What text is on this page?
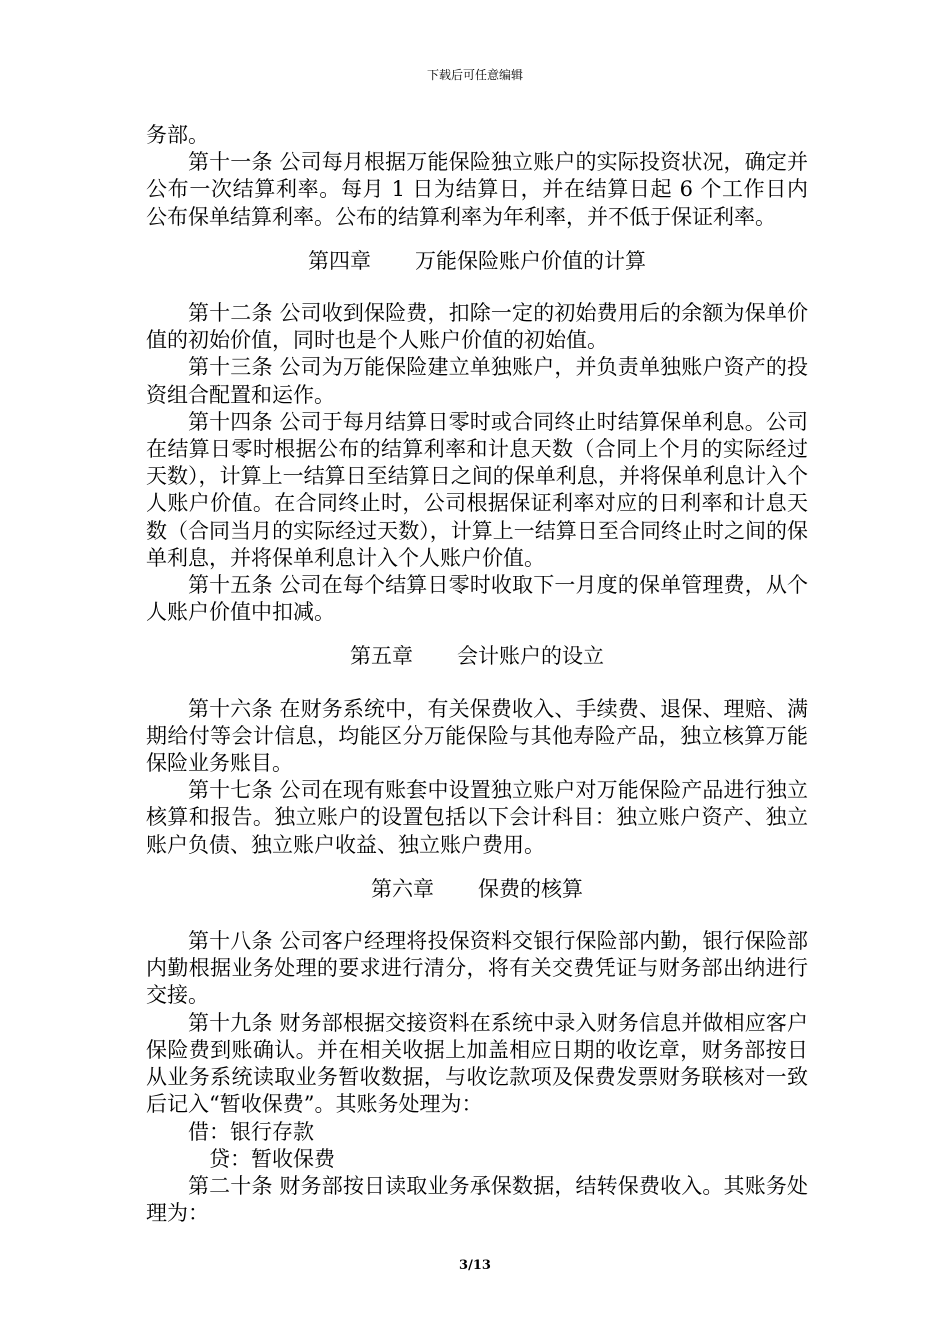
下载后可任意编辑

务部。

第十一条 公司每月根据万能保险独立账户的实际投资状况，确定并公布一次结算利率。每月 1 日为结算日，并在结算日起 6 个工作日内公布保单结算利率。公布的结算利率为年利率，并不低于保证利率。

第四章 万能保险账户价值的计算

第十二条 公司收到保险费，扣除一定的初始费用后的余额为保单价值的初始价值，同时也是个人账户价值的初始值。

第十三条 公司为万能保险建立单独账户，并负责单独账户资产的投资组合配置和运作。

第十四条 公司于每月结算日零时或合同终止时结算保单利息。公司在结算日零时根据公布的结算利率和计息天数（合同上个月的实际经过天数），计算上一结算日至结算日之间的保单利息，并将保单利息计入个人账户价值。在合同终止时，公司根据保证利率对应的日利率和计息天数（合同当月的实际经过天数），计算上一结算日至合同终止时之间的保单利息，并将保单利息计入个人账户价值。

第十五条 公司在每个结算日零时收取下一月度的保单管理费，从个人账户价值中扣减。

第五章 会计账户的设立

第十六条 在财务系统中，有关保费收入、手续费、退保、理赔、满期给付等会计信息，均能区分万能保险与其他寿险产品，独立核算万能保险业务账目。

第十七条 公司在现有账套中设置独立账户对万能保险产品进行独立核算和报告。独立账户的设置包括以下会计科目：独立账户资产、独立账户负债、独立账户收益、独立账户费用。

第六章 保费的核算

第十八条 公司客户经理将投保资料交银行保险部内勤，银行保险部内勤根据业务处理的要求进行清分，将有关交费凭证与财务部出纳进行交接。

第十九条 财务部根据交接资料在系统中录入财务信息并做相应客户保险费到账确认。并在相关收据上加盖相应日期的收讫章，财务部按日从业务系统读取业务暂收数据，与收讫款项及保费发票财务联核对一致后记入“暂收保费”。其账务处理为：

借：银行存款

贷：暂收保费

第二十条 财务部按日读取业务承保数据，结转保费收入。其账务处理为：

3/13
